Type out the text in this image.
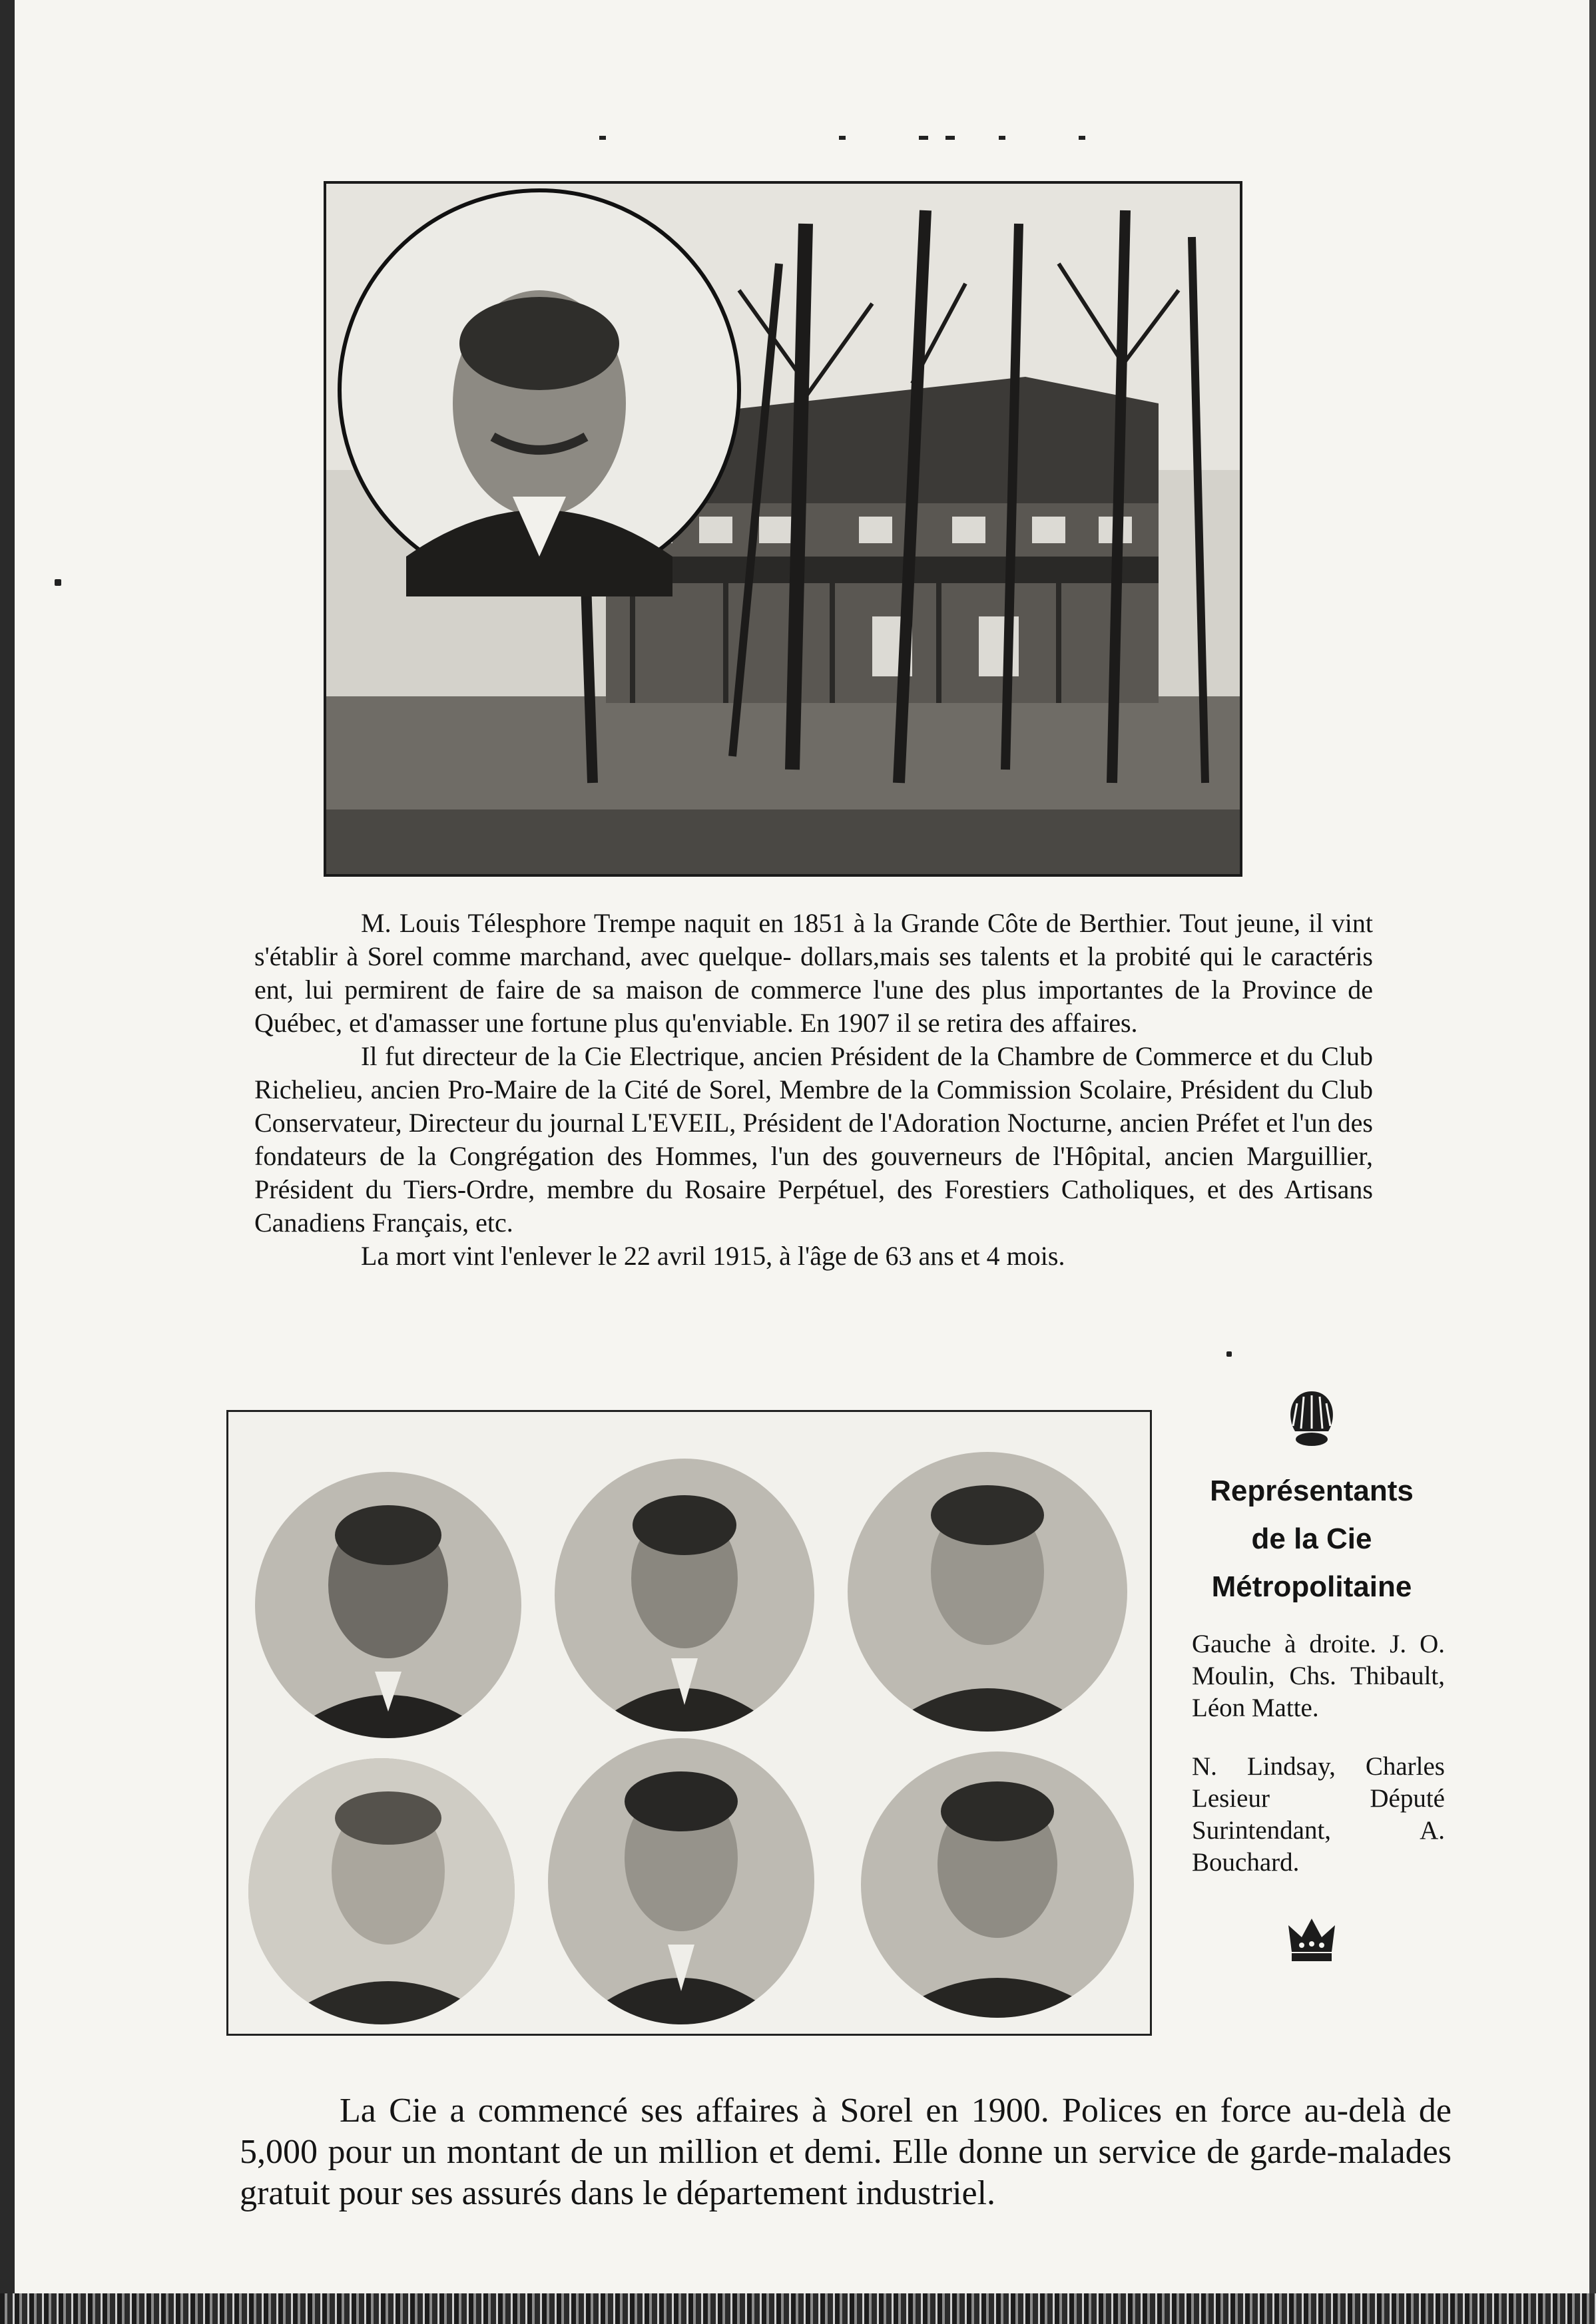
M. Louis Télesphore Trempe naquit en 1851 à la Grande Côte de Berthier. Tout jeune, il vint s'établir à Sorel comme marchand, avec quelque- dollars,mais ses talents et la probité qui le caractéris ent, lui permirent de faire de sa maison de commerce l'une des plus importantes de la Province de Québec, et d'amasser une fortune plus qu'enviable. En 1907 il se retira des affaires.

Il fut directeur de la Cie Electrique, ancien Président de la Chambre de Commerce et du Club Richelieu, ancien Pro-Maire de la Cité de Sorel, Membre de la Commission Scolaire, Président du Club Conservateur, Directeur du journal L'EVEIL, Président de l'Adoration Nocturne, ancien Préfet et l'un des fondateurs de la Congrégation des Hommes, l'un des gouverneurs de l'Hôpital, ancien Marguillier, Président du Tiers-Ordre, membre du Rosaire Perpétuel, des Forestiers Catholiques, et des Artisans Canadiens Français, etc.

La mort vint l'enlever le 22 avril 1915, à l'âge de 63 ans et 4 mois.

Représentants
de la Cie
Métropolitaine

Gauche à droite. J. O. Moulin, Chs. Thibault, Léon Matte.

N. Lindsay, Charles Lesieur Député Surintendant, A. Bouchard.

La Cie a commencé ses affaires à Sorel en 1900. Polices en force au-delà de 5,000 pour un montant de un million et demi. Elle donne un service de garde-malades gratuit pour ses assurés dans le département industriel.
